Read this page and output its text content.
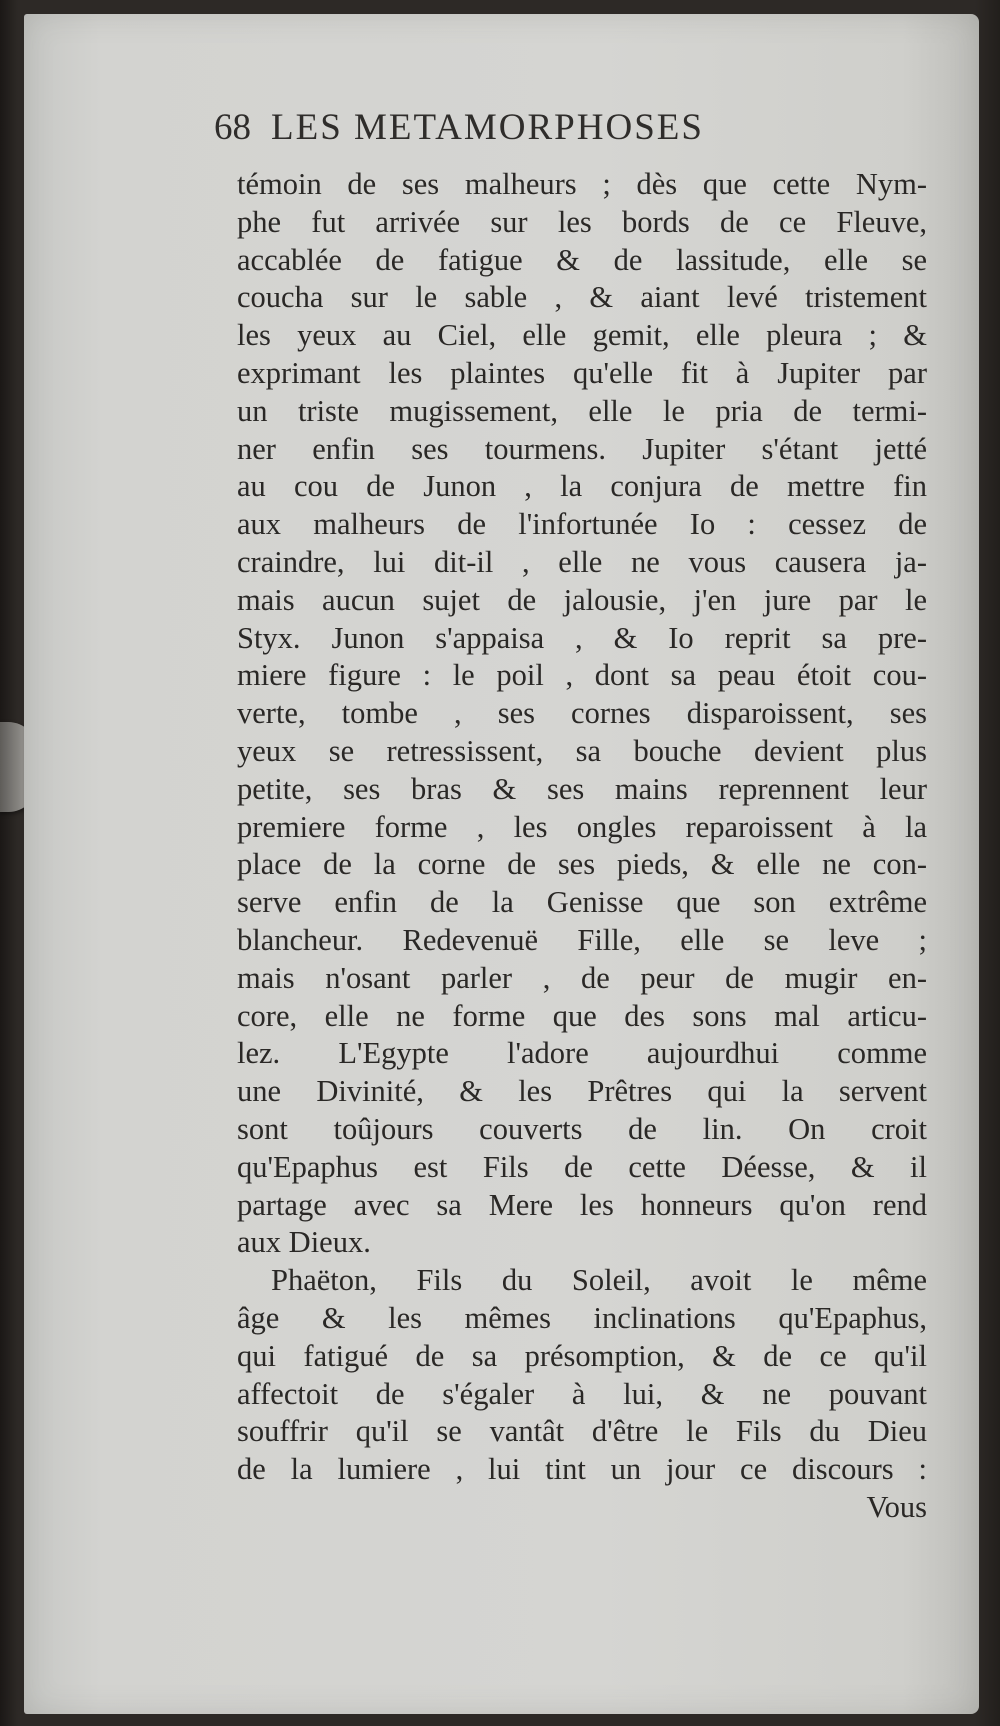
68 LES METAMORPHOSES
témoin de ses malheurs ; dès que cette Nym-
phe fut arrivée sur les bords de ce Fleuve,
accablée de fatigue & de lassitude, elle se
coucha sur le sable , & aiant levé tristement
les yeux au Ciel, elle gemit, elle pleura ; &
exprimant les plaintes qu'elle fit à Jupiter par
un triste mugissement, elle le pria de termi-
ner enfin ses tourmens. Jupiter s'étant jetté
au cou de Junon , la conjura de mettre fin
aux malheurs de l'infortunée Io : cessez de
craindre, lui dit-il , elle ne vous causera ja-
mais aucun sujet de jalousie, j'en jure par le
Styx. Junon s'appaisa , & Io reprit sa pre-
miere figure : le poil , dont sa peau étoit cou-
verte, tombe , ses cornes disparoissent, ses
yeux se retressissent, sa bouche devient plus
petite, ses bras & ses mains reprennent leur
premiere forme , les ongles reparoissent à la
place de la corne de ses pieds, & elle ne con-
serve enfin de la Genisse que son extrême
blancheur. Redevenuë Fille, elle se leve ;
mais n'osant parler , de peur de mugir en-
core, elle ne forme que des sons mal articu-
lez. L'Egypte l'adore aujourdhui comme
une Divinité, & les Prêtres qui la servent
sont toûjours couverts de lin. On croit
qu'Epaphus est Fils de cette Déesse, & il
partage avec sa Mere les honneurs qu'on rend
aux Dieux.
Phaëton, Fils du Soleil, avoit le même
âge & les mêmes inclinations qu'Epaphus,
qui fatigué de sa présomption, & de ce qu'il
affectoit de s'égaler à lui, & ne pouvant
souffrir qu'il se vantât d'être le Fils du Dieu
de la lumiere , lui tint un jour ce discours :
Vous
